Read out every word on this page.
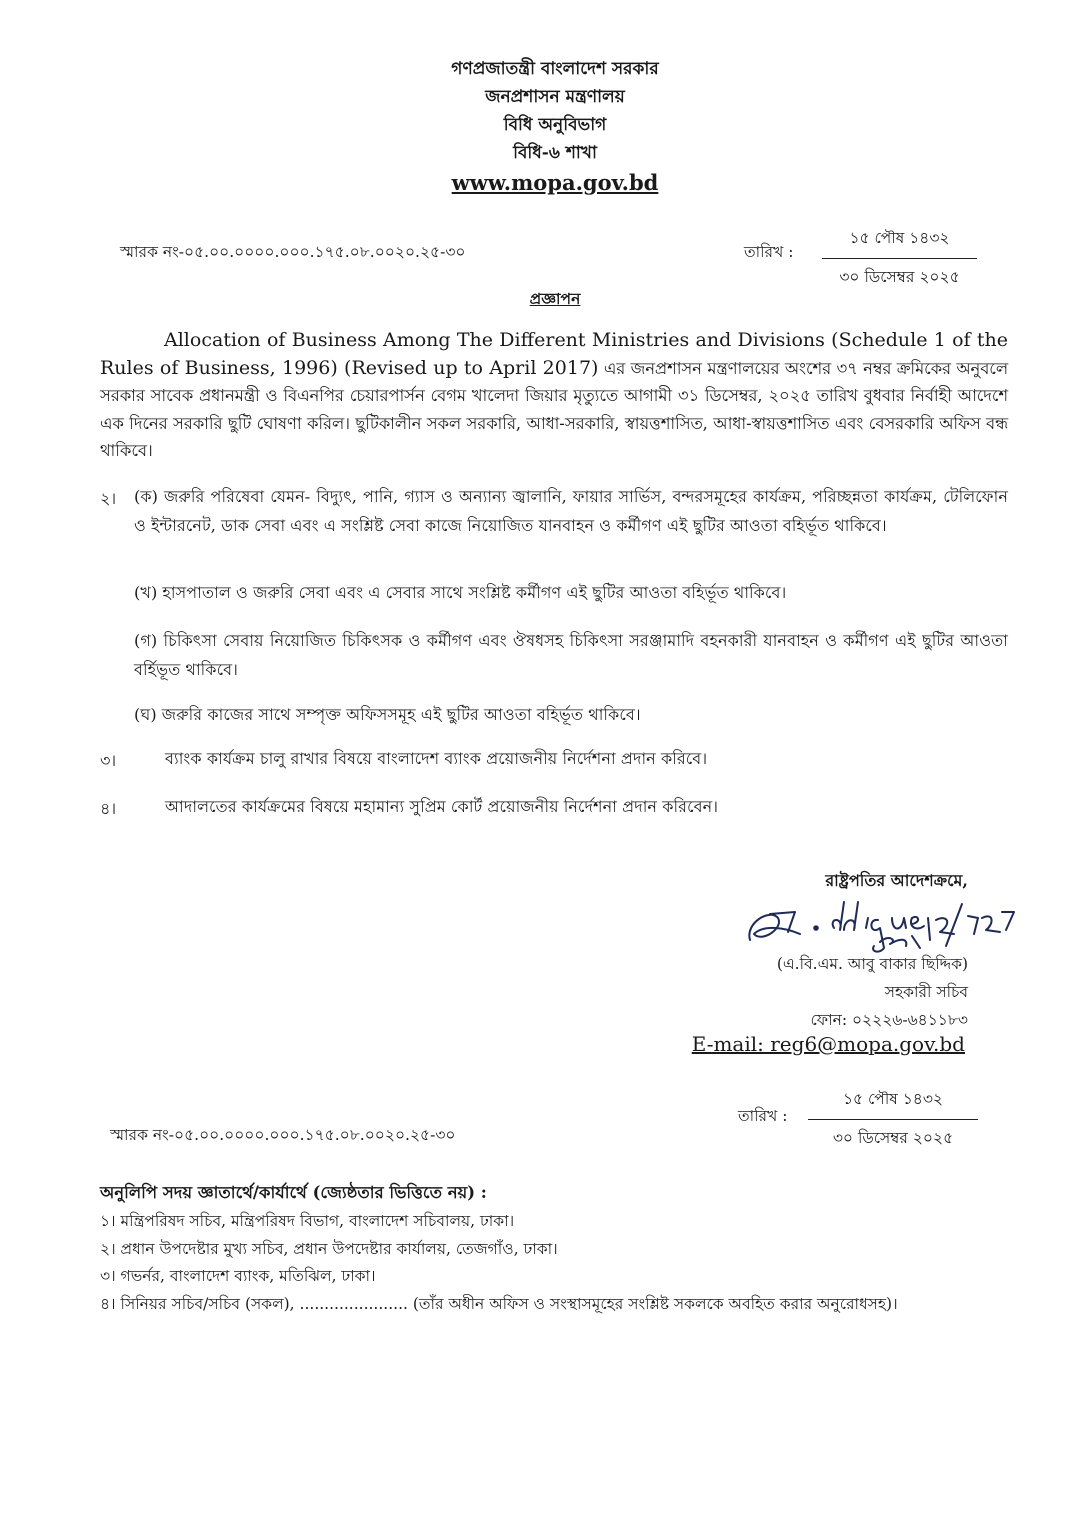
গণপ্রজাতন্ত্রী বাংলাদেশ সরকার
জনপ্রশাসন মন্ত্রণালয়
বিধি অনুবিভাগ
বিধি-৬ শাখা
www.mopa.gov.bd
স্মারক নং-০৫.০০.০০০০.০০০.১৭৫.০৮.০০২০.২৫-৩০	তারিখ :
১৫ পৌষ ১৪৩২
৩০ ডিসেম্বর ২০২৫
প্রজ্ঞাপন
Allocation of Business Among The Different Ministries and Divisions (Schedule 1 of the Rules of Business, 1996) (Revised up to April 2017) এর জনপ্রশাসন মন্ত্রণালয়ের অংশের ৩৭ নম্বর ক্রমিকের অনুবলে সরকার সাবেক প্রধানমন্ত্রী ও বিএনপির চেয়ারপার্সন বেগম খালেদা জিয়ার মৃত্যুতে আগামী ৩১ ডিসেম্বর, ২০২৫ তারিখ বুধবার নির্বাহী আদেশে এক দিনের সরকারি ছুটি ঘোষণা করিল। ছুটিকালীন সকল সরকারি, আধা-সরকারি, স্বায়ত্তশাসিত, আধা-স্বায়ত্তশাসিত এবং বেসরকারি অফিস বন্ধ থাকিবে।
২। (ক) জরুরি পরিষেবা যেমন- বিদ্যুৎ, পানি, গ্যাস ও অন্যান্য জ্বালানি, ফায়ার সার্ভিস, বন্দরসমূহের কার্যক্রম, পরিচ্ছন্নতা কার্যক্রম, টেলিফোন ও ইন্টারনেট, ডাক সেবা এবং এ সংশ্লিষ্ট সেবা কাজে নিয়োজিত যানবাহন ও কর্মীগণ এই ছুটির আওতা বহির্ভূত থাকিবে।
(খ) হাসপাতাল ও জরুরি সেবা এবং এ সেবার সাথে সংশ্লিষ্ট কর্মীগণ এই ছুটির আওতা বহির্ভূত থাকিবে।
(গ) চিকিৎসা সেবায় নিয়োজিত চিকিৎসক ও কর্মীগণ এবং ঔষধসহ চিকিৎসা সরঞ্জামাদি বহনকারী যানবাহন ও কর্মীগণ এই ছুটির আওতা বর্হিভূত থাকিবে।
(ঘ) জরুরি কাজের সাথে সম্পৃক্ত অফিসসমূহ এই ছুটির আওতা বহির্ভূত থাকিবে।
৩।	ব্যাংক কার্যক্রম চালু রাখার বিষয়ে বাংলাদেশ ব্যাংক প্রয়োজনীয় নির্দেশনা প্রদান করিবে।
৪।	আদালতের কার্যক্রমের বিষয়ে মহামান্য সুপ্রিম কোর্ট প্রয়োজনীয় নির্দেশনা প্রদান করিবেন।
রাষ্ট্রপতির আদেশক্রমে,
Siddique 30/12/25
(এ.বি.এম. আবু বাকার ছিদ্দিক)
সহকারী সচিব
ফোন: ০২২২৬-৬৪১১৮৩
E-mail: reg6@mopa.gov.bd
স্মারক নং-০৫.০০.০০০০.০০০.১৭৫.০৮.০০২০.২৫-৩০
তারিখ :
১৫ পৌষ ১৪৩২
৩০ ডিসেম্বর ২০২৫
অনুলিপি সদয় জ্ঞাতার্থে/কার্যার্থে (জ্যেষ্ঠতার ভিত্তিতে নয়) :
১। মন্ত্রিপরিষদ সচিব, মন্ত্রিপরিষদ বিভাগ, বাংলাদেশ সচিবালয়, ঢাকা।
২। প্রধান উপদেষ্টার মুখ্য সচিব, প্রধান উপদেষ্টার কার্যালয়, তেজগাঁও, ঢাকা।
৩। গভর্নর, বাংলাদেশ ব্যাংক, মতিঝিল, ঢাকা।
৪। সিনিয়র সচিব/সচিব (সকল), ...................... (তাঁর অধীন অফিস ও সংস্থাসমূহের সংশ্লিষ্ট সকলকে অবহিত করার অনুরোধসহ)।
